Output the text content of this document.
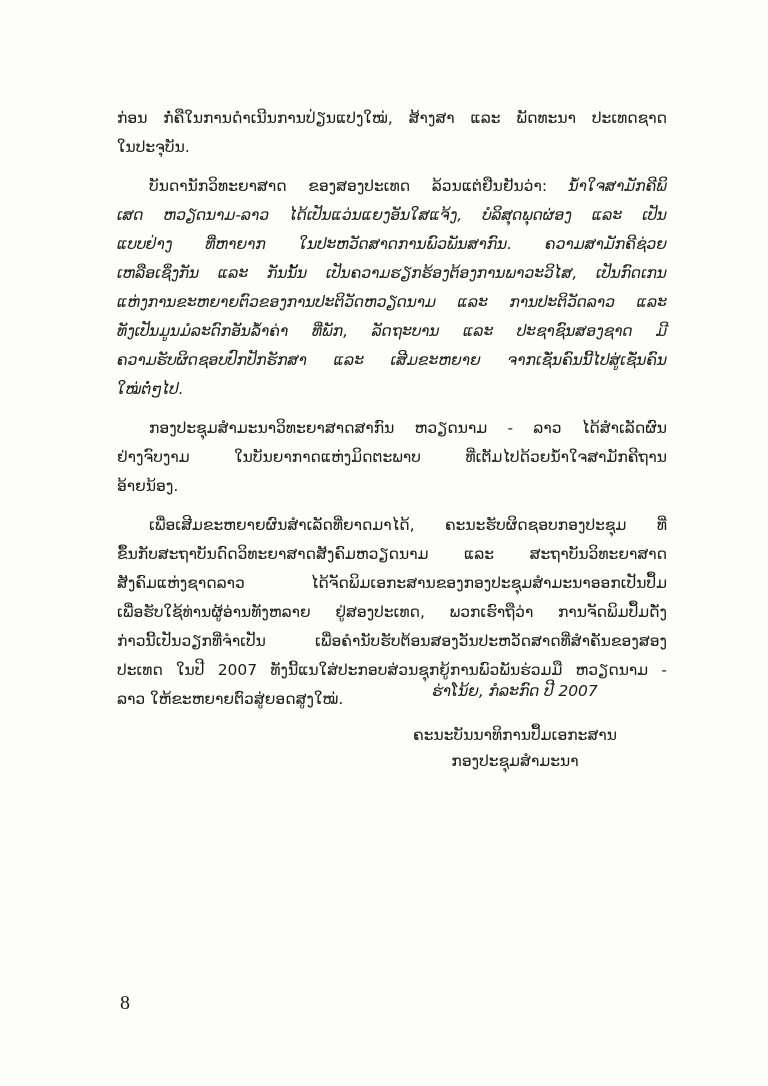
ກ່ອນ ກໍ່ຄືໃນການດຳເນີນການປ່ຽນແປງໃໝ່, ສ້າງສາ ແລະ ພັດທະນາ ປະເທດຊາດ
ໃນປະຈຸບັນ.
ບັນດານັກວິທະຍາສາດ ຂອງສອງປະເທດ ລ້ວນແຕ່ຢືນຢັນວ່າ: ນ້ຳໃຈສາມັກຄີພິ
ເສດ ຫວຽດນາມ-ລາວ ໄດ້ເປັນແວ່ນແຍງອັນໃສແຈ້ງ, ບໍລິສຸດພຸດຜ່ອງ ແລະ ເປັນ
ແບບຢ່າງ ທີ່ຫາຍາກ ໃນປະຫວັດສາດການພົວພັນສາກົນ. ຄວາມສາມັກຄີຊ່ວຍ
ເຫລືອເຊິ່ງກັນ ແລະ ກັນນັ້ນ ເປັນຄວາມຮຽກຮ້ອງຕ້ອງການພາວະວິໄສ, ເປັນກົດເກນ
ແຫ່ງການຂະຫຍາຍຕົວຂອງການປະຕິວັດຫວຽດນາມ ແລະ ການປະຕິວັດລາວ ແລະ
ທັງເປັນມູນມໍລະດົກອັນລ້ຳຄ່າ ທີ່ພັກ, ລັດຖະບານ ແລະ ປະຊາຊົນສອງຊາດ ມີ
ຄວາມຮັບຜິດຊອບປົກປັກຮັກສາ ແລະ ເສີມຂະຫຍາຍ ຈາກເຊັ່ນຄົນນີ້ໄປສູ່ເຊັ່ນຄົນ
ໃໝ່ຕໍ່ໆໄປ.
ກອງປະຊຸມສຳມະນາວິທະຍາສາດສາກົນ ຫວຽດນາມ - ລາວ ໄດ້ສຳເລັດຜົນ
ຢ່າງຈົບງາມ ໃນບັນຍາກາດແຫ່ງມິດຕະພາບ ທີ່ເຕັມໄປດ້ວຍນ້ຳໃຈສາມັກຄີຖານ
ອ້າຍນ້ອງ.
ເພື່ອເສີມຂະຫຍາຍຜົນສຳເລັດທີ່ຍາດມາໄດ້, ຄະນະຮັບຜິດຊອບກອງປະຊຸມ ທີ່
ຂຶ້ນກັບສະຖາບັນດົດວິທະຍາສາດສັງຄົມຫວຽດນາມ ແລະ ສະຖາບັນວິທະຍາສາດ
ສັງຄົມແຫ່ງຊາດລາວ ໄດ້ຈັດພິມເອກະສານຂອງກອງປະຊຸມສຳມະນາອອກເປັນປຶ້ມ
ເພື່ອຮັບໃຊ້ທ່ານຜູ້ອ່ານທັງຫລາຍ ຢູ່ສອງປະເທດ, ພວກເຮົາຖືວ່າ ການຈັດພິມປຶ້ມດັ່ງ
ກ່າວນີ້ເປັນວຽກທີ່ຈຳເປັນ ເພື່ອຄຳນັບຮັບຕ້ອນສອງວັນປະຫວັດສາດທີ່ສຳຄັນຂອງສອງ
ປະເທດ ໃນປີ 2007 ທັງນີ້ແນໃສ່ປະກອບສ່ວນຊຸກຍູ້ການພົວພັນຮ່ວມມື ຫວຽດນາມ -
ລາວ ໃຫ້ຂະຫຍາຍຕົວສູ່ຍອດສູງໃໝ່.	ຮ່າໂນ້ຍ, ກໍລະກົດ ປີ 2007
ຄະນະບັນນາທິການປຶ້ມເອກະສານ
ກອງປະຊຸມສຳມະນາ
8
